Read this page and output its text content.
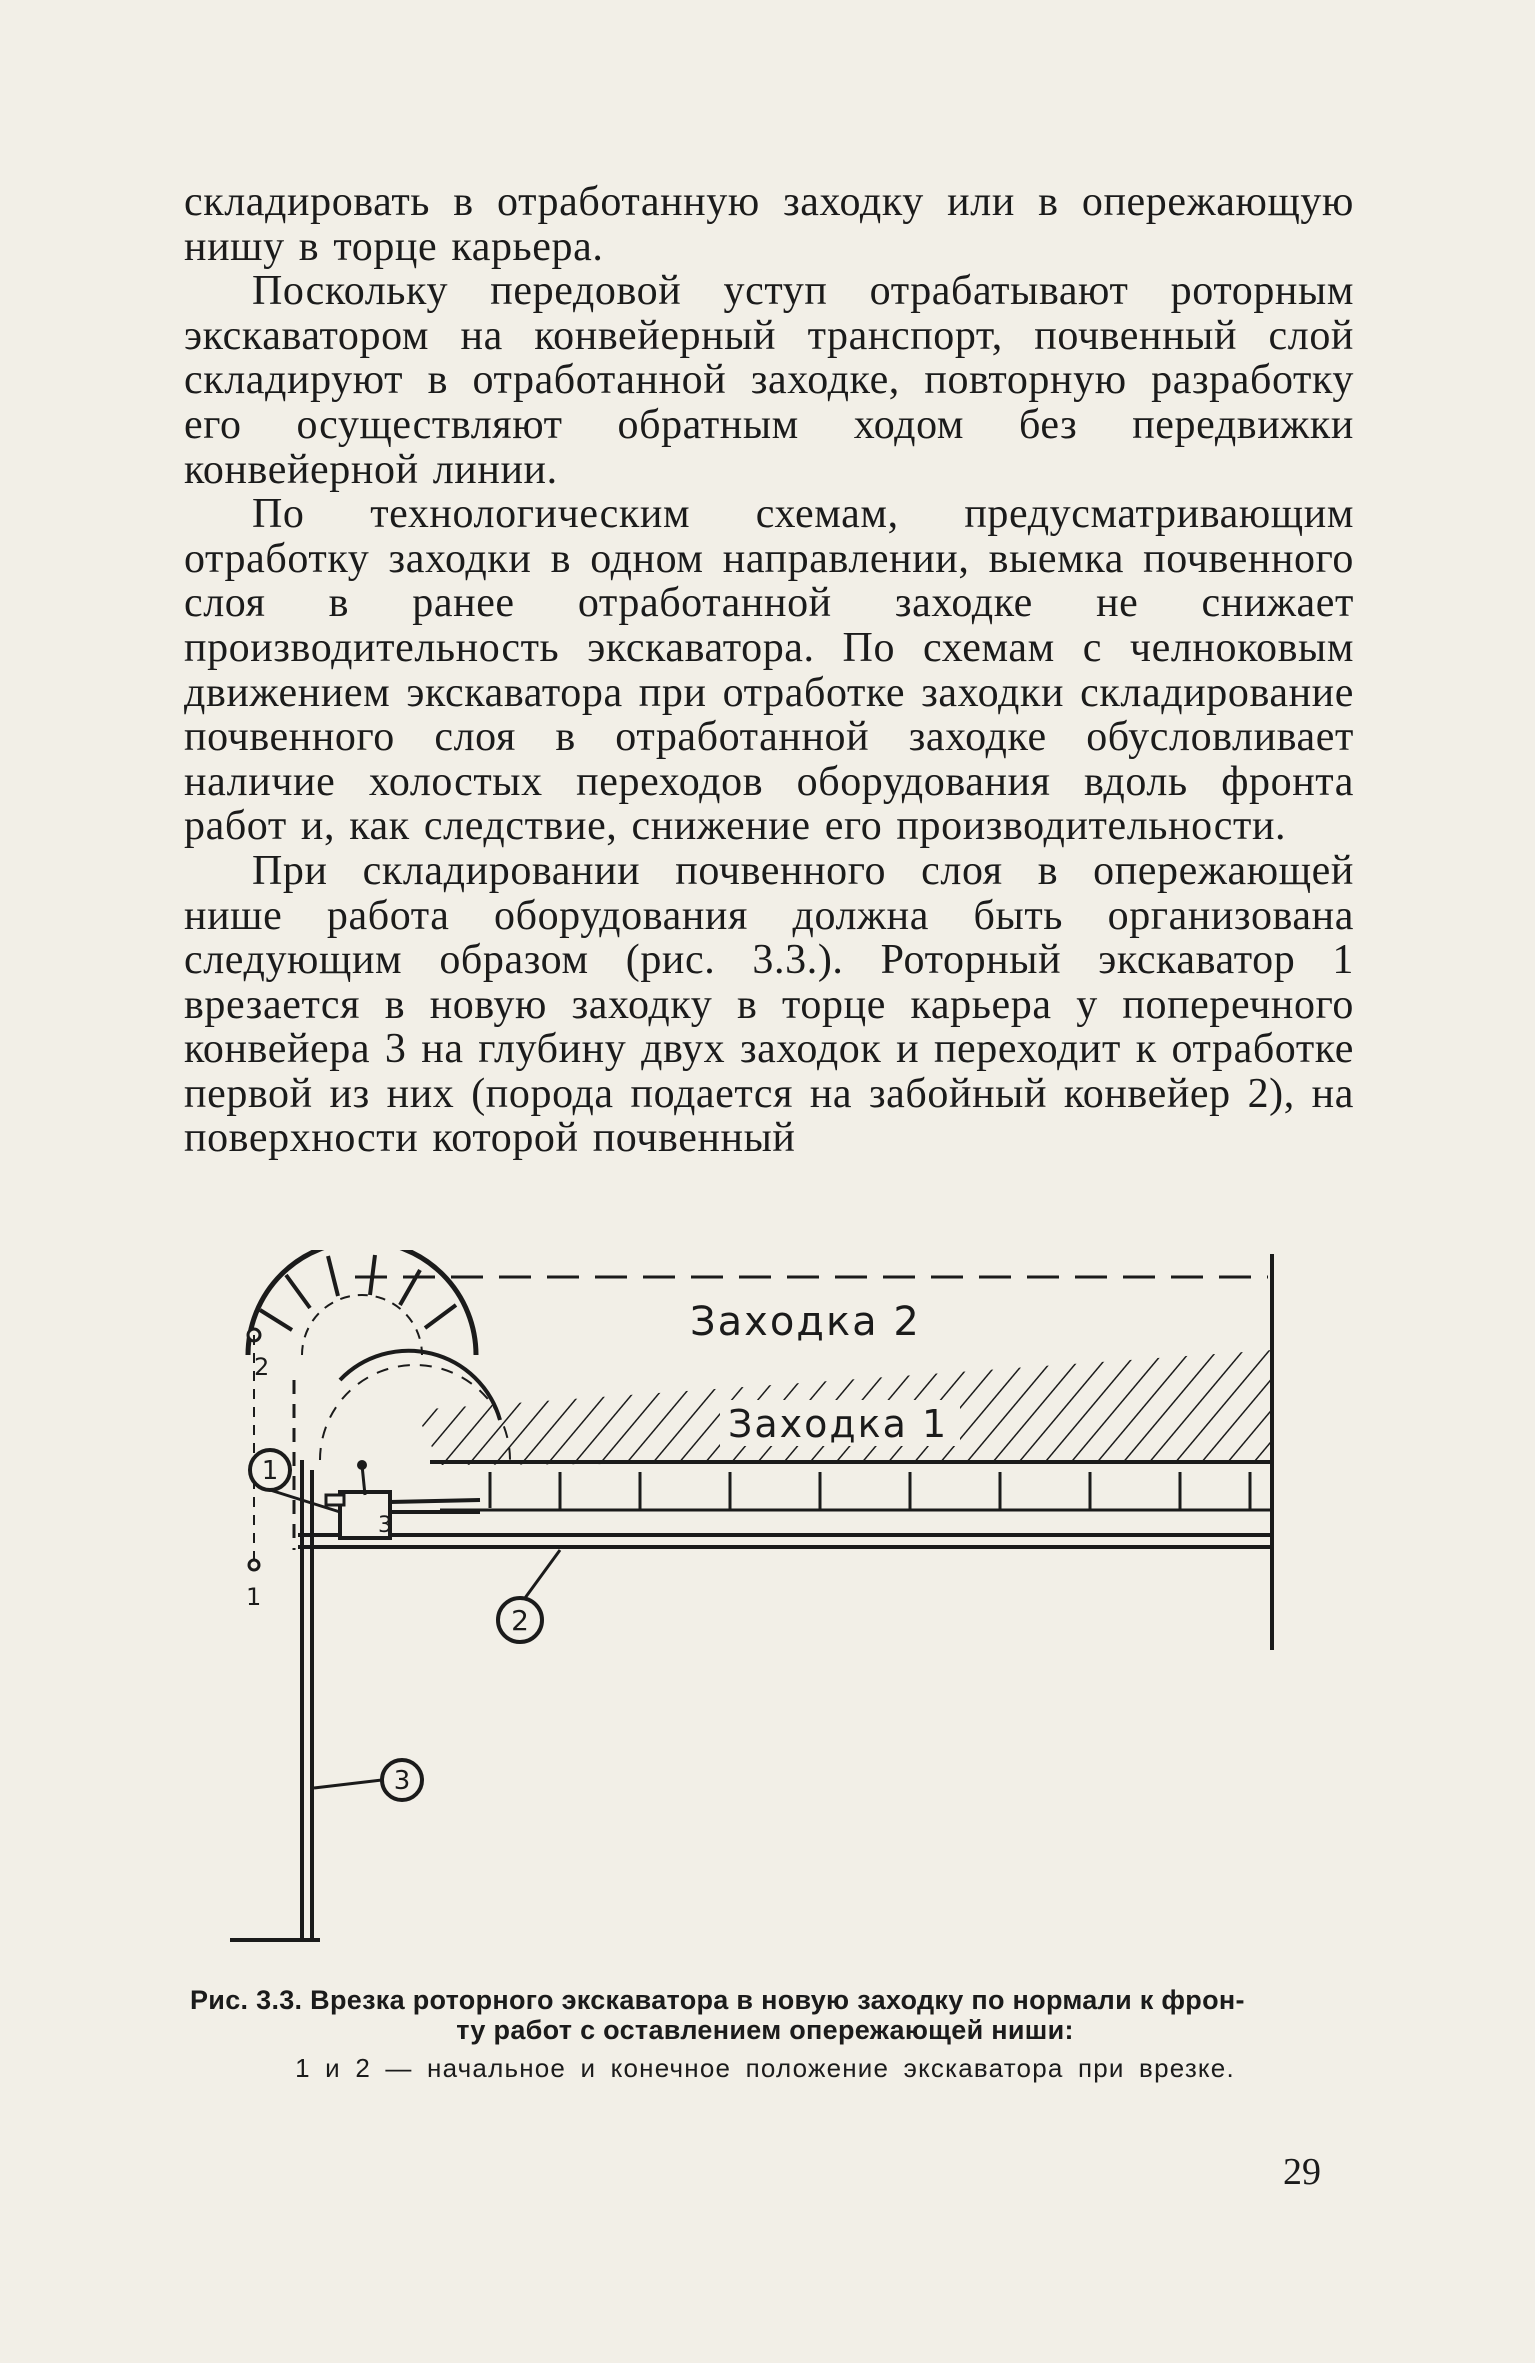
складировать в отработанную заходку или в опережающую нишу в торце карьера.

Поскольку передовой уступ отрабатывают роторным экскаватором на конвейерный транспорт, почвенный слой складируют в отработанной заходке, повторную разработку его осуществляют обратным ходом без передвижки конвейерной линии.

По технологическим схемам, предусматривающим отработку заходки в одном направлении, выемка почвенного слоя в ранее отработанной заходке не снижает производительность экскаватора. По схемам с челноковым движением экскаватора при отработке заходки складирование почвенного слоя в отработанной заходке обусловливает наличие холостых переходов оборудования вдоль фронта работ и, как следствие, снижение его производительности.

При складировании почвенного слоя в опережающей нише работа оборудования должна быть организована следующим образом (рис. 3.3.). Роторный экскаватор 1 врезается в новую заходку в торце карьера у поперечного конвейера 3 на глубину двух заходок и переходит к отработке первой из них (порода подается на забойный конвейер 2), на поверхности которой почвенный

3
2
1
1
2
3
Заходка 2
Заходка 1
Рис. 3.3. Врезка роторного экскаватора в новую заходку по нормали к фрон-
ту работ с оставлением опережающей ниши:
1 и 2 — начальное и конечное положение экскаватора при врезке.
29
